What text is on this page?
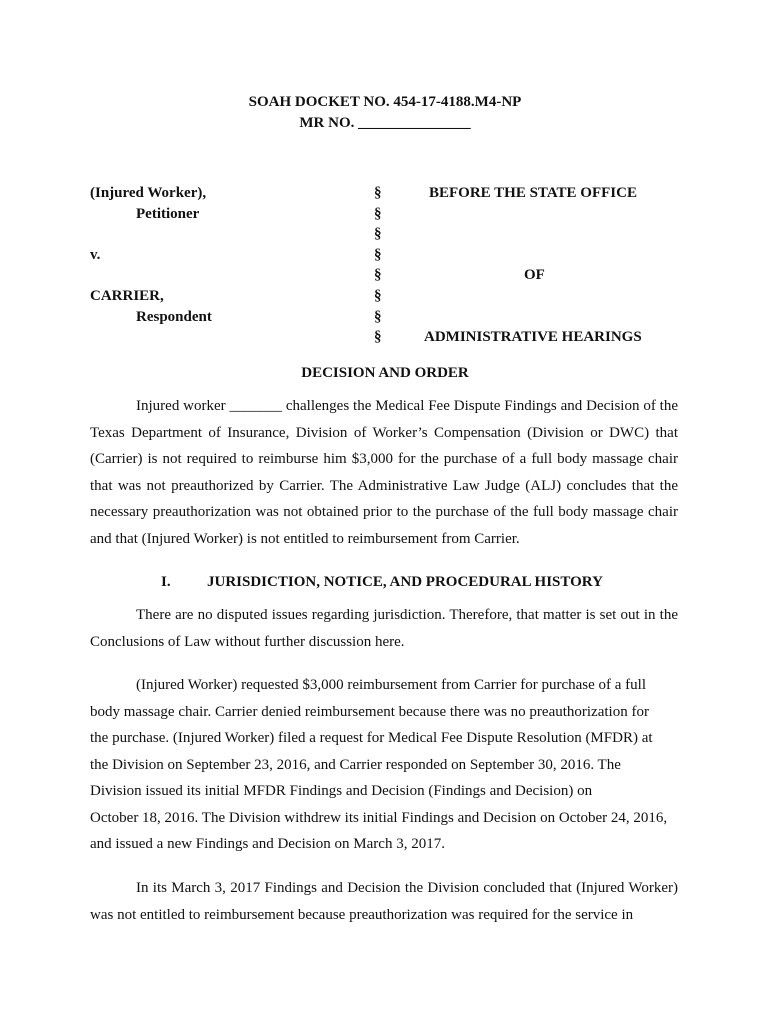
SOAH DOCKET NO. 454-17-4188.M4-NP
MR NO. _______________
(Injured Worker),
Petitioner
v.
CARRIER,
Respondent
§
§
§
§
§
§
§
§
BEFORE THE STATE OFFICE
OF
ADMINISTRATIVE HEARINGS
DECISION AND ORDER

Injured worker _______ challenges the Medical Fee Dispute Findings and Decision of the Texas Department of Insurance, Division of Worker’s Compensation (Division or DWC) that (Carrier) is not required to reimburse him $3,000 for the purchase of a full body massage chair that was not preauthorized by Carrier. The Administrative Law Judge (ALJ) concludes that the necessary preauthorization was not obtained prior to the purchase of the full body massage chair and that (Injured Worker) is not entitled to reimbursement from Carrier.

I. JURISDICTION, NOTICE, AND PROCEDURAL HISTORY

There are no disputed issues regarding jurisdiction. Therefore, that matter is set out in the Conclusions of Law without further discussion here.

(Injured Worker) requested $3,000 reimbursement from Carrier for purchase of a full
body massage chair. Carrier denied reimbursement because there was no preauthorization for
the purchase. (Injured Worker) filed a request for Medical Fee Dispute Resolution (MFDR) at
the Division on September 23, 2016, and Carrier responded on September 30, 2016. The
Division issued its initial MFDR Findings and Decision (Findings and Decision) on
October 18, 2016. The Division withdrew its initial Findings and Decision on October 24, 2016,
and issued a new Findings and Decision on March 3, 2017.

In its March 3, 2017 Findings and Decision the Division concluded that (Injured Worker) was not entitled to reimbursement because preauthorization was required for the service in
